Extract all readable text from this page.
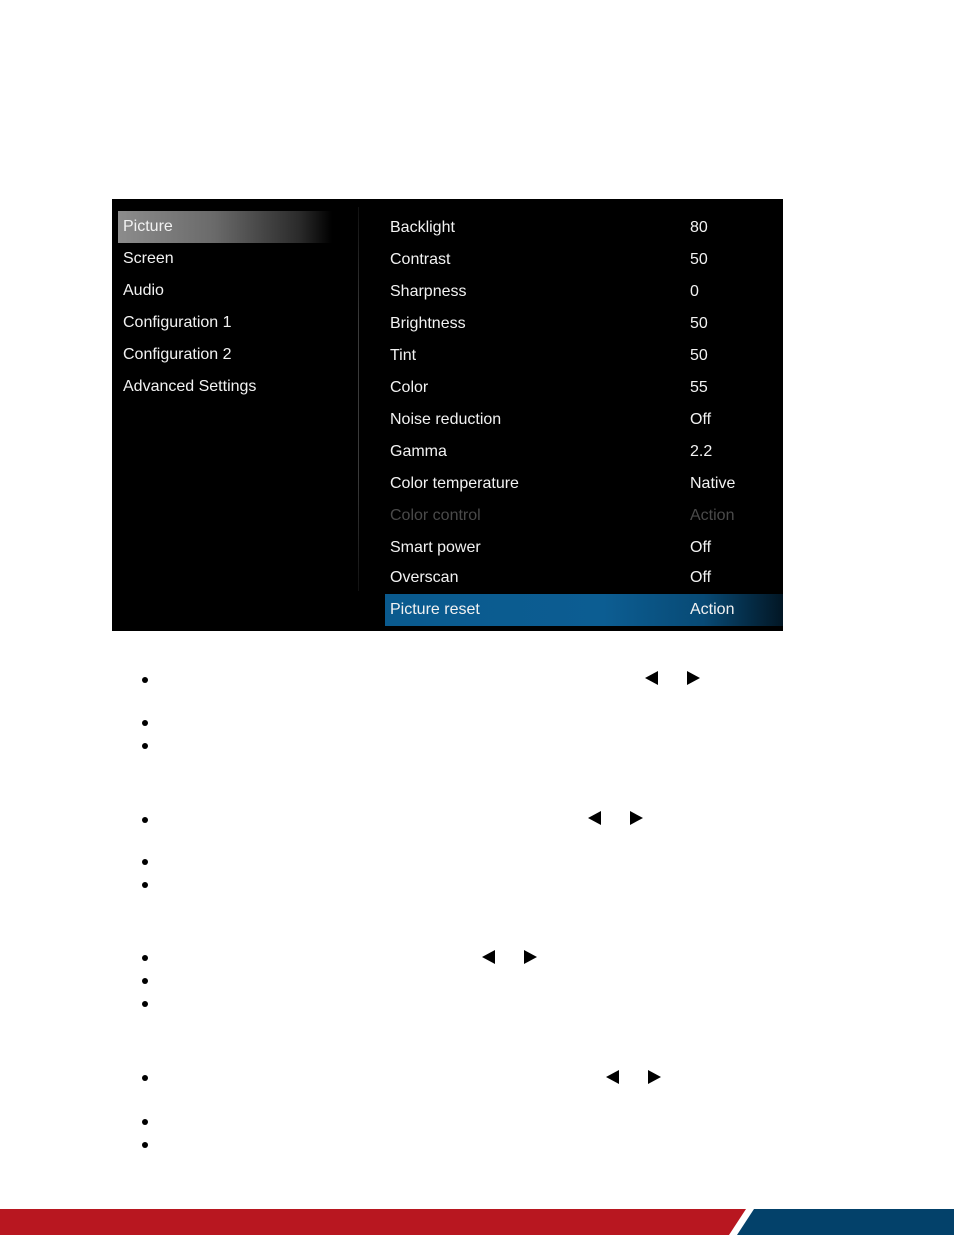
Picture
Screen
Audio
Configuration 1
Configuration 2
Advanced Settings
Backlight	80
Contrast	50
Sharpness	0
Brightness	50
Tint	50
Color	55
Noise reduction	Off
Gamma	2.2
Color temperature	Native
Color control	Action
Smart power	Off
Overscan	Off
Picture reset	Action
